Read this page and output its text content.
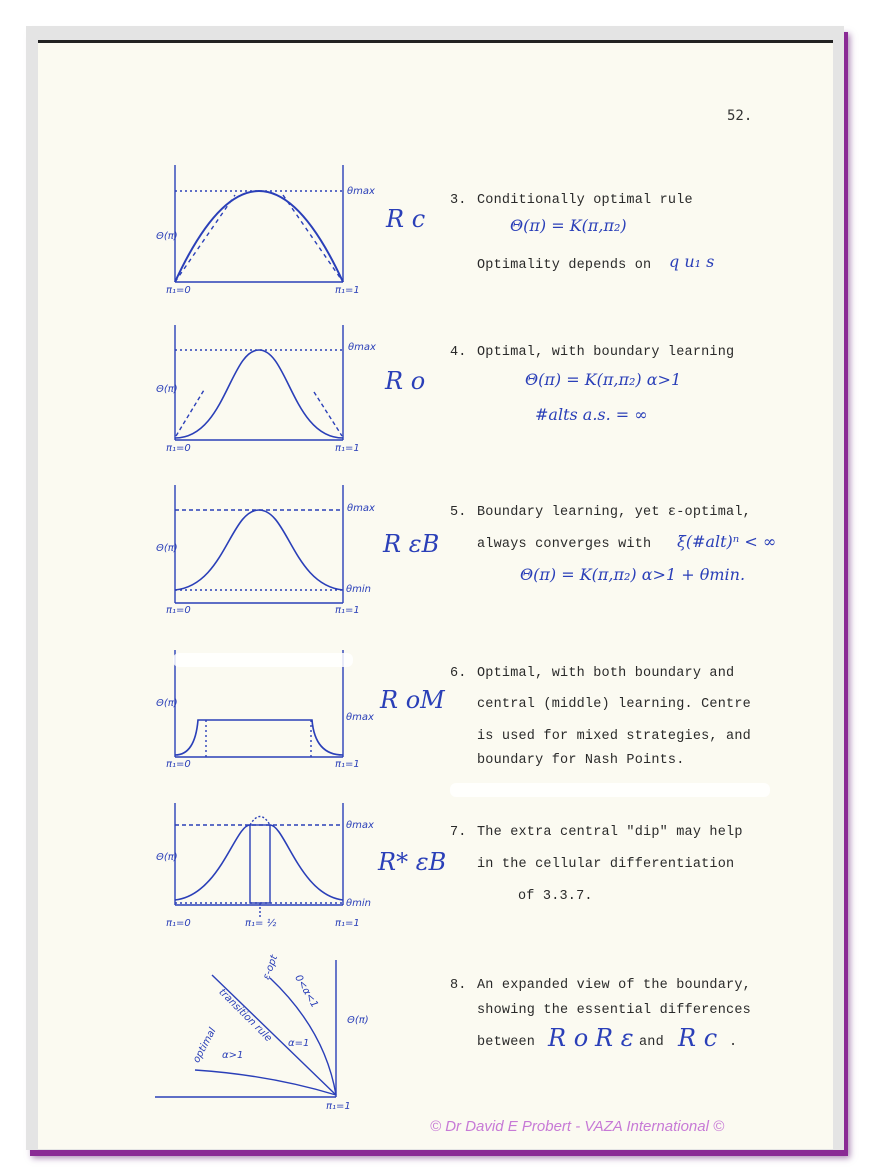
52.
Θ(π)
θmax
π₁=0	π₁=1
Θ(π)
θmax
π₁=0	π₁=1
Θ(π)
θmax
θmin
π₁=0	π₁=1
Θ(π)
θmax
π₁=0	π₁=1
Θ(π)
θmax
θmin
π₁=0	π₁= ½	π₁=1
Θ(π)
π₁=1
optimal
transition rule
ε-opt
α>1
α=1
0<α<1
R c
R o
R εB
R oM
R* εB
3. Conditionally optimal rule
Θ(π) = K(π,π₂)
Optimality depends on q u₁ s
4. Optimal, with boundary learning
Θ(π) = K(π,π₂) α>1
#alts a.s. = ∞
5. Boundary learning, yet ε-optimal,
always converges with ξ(#alt)ⁿ < ∞
Θ(π) = K(π,π₂) α>1 + θmin.
6. Optimal, with both boundary and
central (middle) learning. Centre
is used for mixed strategies, and
boundary for Nash Points.
7. The extra central "dip" may help
in the cellular differentiation
of 3.3.7.
8. An expanded view of the boundary,
showing the essential differences
between R o R ε and R c .
© Dr David E Probert - VAZA International ©
